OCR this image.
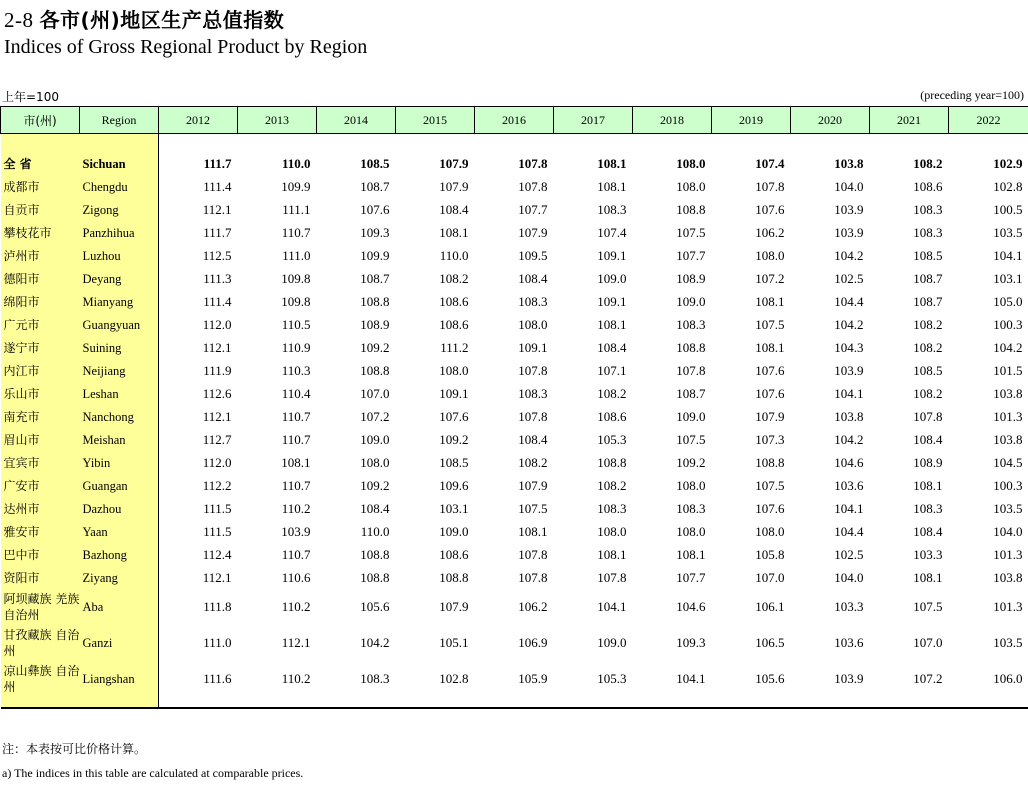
2-8 各市(州)地区生产总值指数
Indices of Gross Regional Product by Region
上年=100	(preceding year=100)
市(州)	Region	2012	2013	2014	2015	2016	2017	2018	2019	2020	2021	2022

全 省	Sichuan	111.7	110.0	108.5	107.9	107.8	108.1	108.0	107.4	103.8	108.2	102.9
成都市	Chengdu	111.4	109.9	108.7	107.9	107.8	108.1	108.0	107.8	104.0	108.6	102.8
自贡市	Zigong	112.1	111.1	107.6	108.4	107.7	108.3	108.8	107.6	103.9	108.3	100.5
攀枝花市	Panzhihua	111.7	110.7	109.3	108.1	107.9	107.4	107.5	106.2	103.9	108.3	103.5
泸州市	Luzhou	112.5	111.0	109.9	110.0	109.5	109.1	107.7	108.0	104.2	108.5	104.1
德阳市	Deyang	111.3	109.8	108.7	108.2	108.4	109.0	108.9	107.2	102.5	108.7	103.1
绵阳市	Mianyang	111.4	109.8	108.8	108.6	108.3	109.1	109.0	108.1	104.4	108.7	105.0
广元市	Guangyuan	112.0	110.5	108.9	108.6	108.0	108.1	108.3	107.5	104.2	108.2	100.3
遂宁市	Suining	112.1	110.9	109.2	111.2	109.1	108.4	108.8	108.1	104.3	108.2	104.2
内江市	Neijiang	111.9	110.3	108.8	108.0	107.8	107.1	107.8	107.6	103.9	108.5	101.5
乐山市	Leshan	112.6	110.4	107.0	109.1	108.3	108.2	108.7	107.6	104.1	108.2	103.8
南充市	Nanchong	112.1	110.7	107.2	107.6	107.8	108.6	109.0	107.9	103.8	107.8	101.3
眉山市	Meishan	112.7	110.7	109.0	109.2	108.4	105.3	107.5	107.3	104.2	108.4	103.8
宜宾市	Yibin	112.0	108.1	108.0	108.5	108.2	108.8	109.2	108.8	104.6	108.9	104.5
广安市	Guangan	112.2	110.7	109.2	109.6	107.9	108.2	108.0	107.5	103.6	108.1	100.3
达州市	Dazhou	111.5	110.2	108.4	103.1	107.5	108.3	108.3	107.6	104.1	108.3	103.5
雅安市	Yaan	111.5	103.9	110.0	109.0	108.1	108.0	108.0	108.0	104.4	108.4	104.0
巴中市	Bazhong	112.4	110.7	108.8	108.6	107.8	108.1	108.1	105.8	102.5	103.3	101.3
资阳市	Ziyang	112.1	110.6	108.8	108.8	107.8	107.8	107.7	107.0	104.0	108.1	103.8
阿坝藏族 羌族自治州	Aba	111.8	110.2	105.6	107.9	106.2	104.1	104.6	106.1	103.3	107.5	101.3
甘孜藏族 自治州	Ganzi	111.0	112.1	104.2	105.1	106.9	109.0	109.3	106.5	103.6	107.0	103.5
凉山彝族 自治州	Liangshan	111.6	110.2	108.3	102.8	105.9	105.3	104.1	105.6	103.9	107.2	106.0

注：本表按可比价格计算。
a) The indices in this table are calculated at comparable prices.
